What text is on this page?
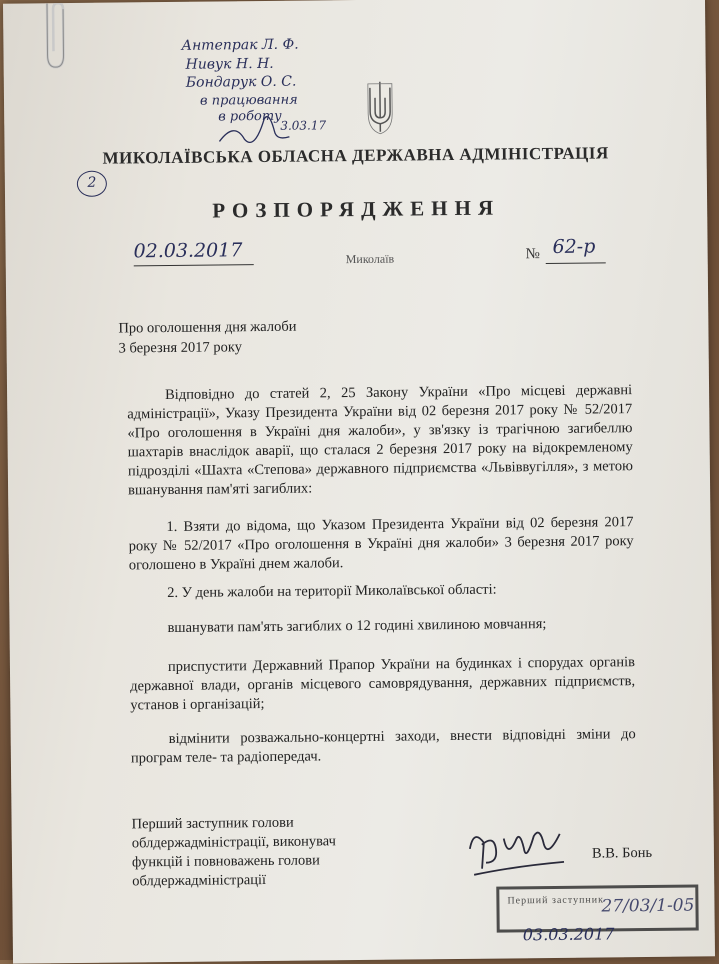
Антепрак Л. Ф.
Нивук Н. Н.
Бондарук О. С.
в працювання
в роботу
3.03.17
2
МИКОЛАЇВСЬКА ОБЛАСНА ДЕРЖАВНА АДМІНІСТРАЦІЯ
РОЗПОРЯДЖЕННЯ
02.03.2017	Миколаїв	№ 62-р
Про оголошення дня жалоби
3 березня 2017 року
Відповідно до статей 2, 25 Закону України «Про місцеві державні адміністрації», Указу Президента України від 02 березня 2017 року № 52/2017 «Про оголошення в Україні дня жалоби», у зв'язку із трагічною загибеллю шахтарів внаслідок аварії, що сталася 2 березня 2017 року на відокремленому підрозділі «Шахта «Степова» державного підприємства «Львіввугілля», з метою вшанування пам'яті загиблих:
1. Взяти до відома, що Указом Президента України від 02 березня 2017 року № 52/2017 «Про оголошення в Україні дня жалоби» 3 березня 2017 року оголошено в Україні днем жалоби.
2. У день жалоби на території Миколаївської області:
вшанувати пам'ять загиблих о 12 годині хвилиною мовчання;
приспустити Державний Прапор України на будинках і спорудах органів державної влади, органів місцевого самоврядування, державних підприємств, установ і організацій;
відмінити розважально-концертні заходи, внести відповідні зміни до програм теле- та радіопередач.
Перший заступник голови
облдержадміністрації, виконувач
функцій і повноважень голови
облдержадміністрації
В.В. Бонь
Перший заступник
27/03/1-05
03.03.2017
